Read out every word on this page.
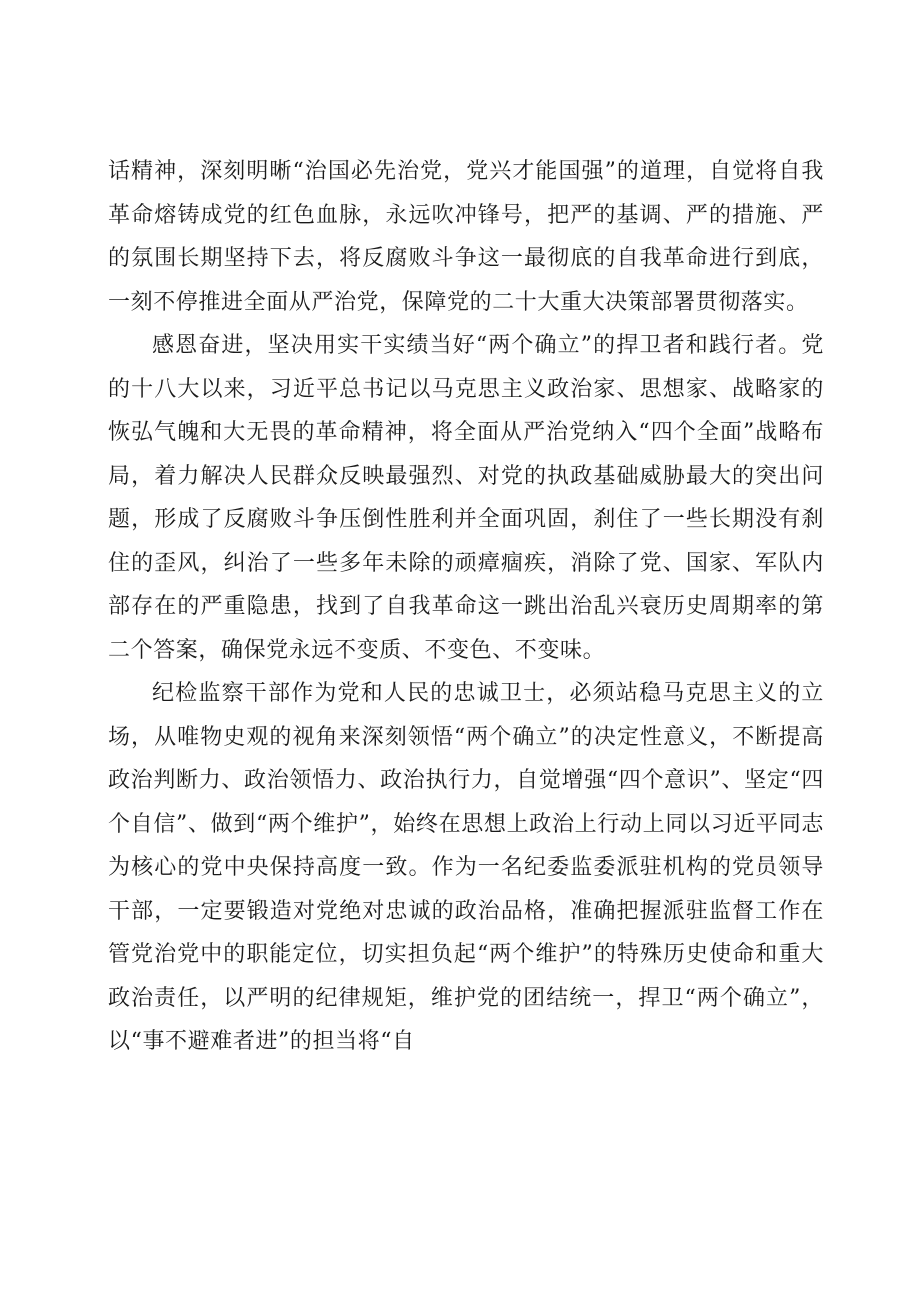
话精神，深刻明晰“治国必先治党，党兴才能国强”的道理，自觉将自我革命熔铸成党的红色血脉，永远吹冲锋号，把严的基调、严的措施、严的氛围长期坚持下去，将反腐败斗争这一最彻底的自我革命进行到底，一刻不停推进全面从严治党，保障党的二十大重大决策部署贯彻落实。

感恩奋进，坚决用实干实绩当好“两个确立”的捍卫者和践行者。党的十八大以来，习近平总书记以马克思主义政治家、思想家、战略家的恢弘气魄和大无畏的革命精神，将全面从严治党纳入“四个全面”战略布局，着力解决人民群众反映最强烈、对党的执政基础威胁最大的突出问题，形成了反腐败斗争压倒性胜利并全面巩固，刹住了一些长期没有刹住的歪风，纠治了一些多年未除的顽瘴痼疾，消除了党、国家、军队内部存在的严重隐患，找到了自我革命这一跳出治乱兴衰历史周期率的第二个答案，确保党永远不变质、不变色、不变味。

纪检监察干部作为党和人民的忠诚卫士，必须站稳马克思主义的立场，从唯物史观的视角来深刻领悟“两个确立”的决定性意义，不断提高政治判断力、政治领悟力、政治执行力，自觉增强“四个意识”、坚定“四个自信”、做到“两个维护”，始终在思想上政治上行动上同以习近平同志为核心的党中央保持高度一致。作为一名纪委监委派驻机构的党员领导干部，一定要锻造对党绝对忠诚的政治品格，准确把握派驻监督工作在管党治党中的职能定位，切实担负起“两个维护”的特殊历史使命和重大政治责任，以严明的纪律规矩，维护党的团结统一，捍卫“两个确立”，以“事不避难者进”的担当将“自
